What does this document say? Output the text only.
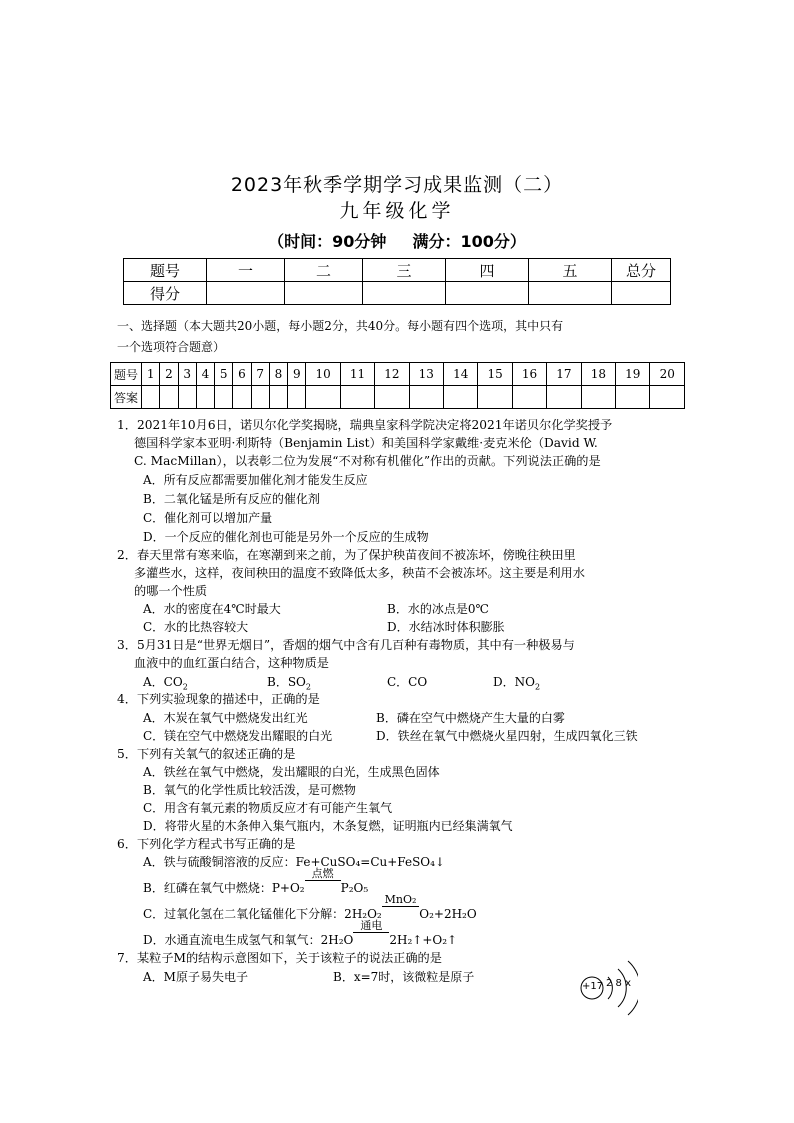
2023年秋季学期学习成果监测（二）
九年级化学
（时间：90分钟 满分：100分）
题号	一	二	三	四	五	总分
得分						
一、选择题（本大题共20小题，每小题2分，共40分。每小题有四个选项，其中只有
一个选项符合题意）
题号	1	2	3	4	5	6	7	8	9	10	11	12	13	14	15	16	17	18	19	20
答案																				
1．2021年10月6日，诺贝尔化学奖揭晓，瑞典皇家科学院决定将2021年诺贝尔化学奖授予
德国科学家本亚明·利斯特（Benjamin List）和美国科学家戴维·麦克米伦（David W.
C. MacMillan），以表彰二位为发展“不对称有机催化”作出的贡献。下列说法正确的是
A．所有反应都需要加催化剂才能发生反应
B．二氧化锰是所有反应的催化剂
C．催化剂可以增加产量
D．一个反应的催化剂也可能是另外一个反应的生成物
2．春天里常有寒来临，在寒潮到来之前，为了保护秧苗夜间不被冻坏，傍晚往秧田里
多灌些水，这样，夜间秧田的温度不致降低太多，秧苗不会被冻坏。这主要是利用水
的哪一个性质
A．水的密度在4℃时最大	B．水的冰点是0℃
C．水的比热容较大	D．水结冰时体积膨胀
3．5月31日是“世界无烟日”，香烟的烟气中含有几百种有毒物质，其中有一种极易与
血液中的血红蛋白结合，这种物质是
A．$CO_2$	B．$SO_2$	C．CO	D．$NO_2$
4．下列实验现象的描述中，正确的是
A．木炭在氧气中燃烧发出红光	B．磷在空气中燃烧产生大量的白雾
C．镁在空气中燃烧发出耀眼的白光	D．铁丝在氧气中燃烧火星四射，生成四氧化三铁
5．下列有关氧气的叙述正确的是
A．铁丝在氧气中燃烧，发出耀眼的白光，生成黑色固体
B．氧气的化学性质比较活泼，是可燃物
C．用含有氧元素的物质反应才有可能产生氧气
D．将带火星的木条伸入集气瓶内，木条复燃，证明瓶内已经集满氧气
6．下列化学方程式书写正确的是
A．铁与硫酸铜溶液的反应：Fe+CuSO₄=Cu+FeSO₄↓
B．红磷在氧气中燃烧：P+O₂
点燃
P₂O₅
C．过氧化氢在二氧化锰催化下分解：2H₂O₂
MnO₂
O₂+2H₂O
D．水通直流电生成氢气和氧气：2H₂O
通电
2H₂↑+O₂↑
7．某粒子M的结构示意图如下，关于该粒子的说法正确的是
A．M原子易失电子	B．x=7时，该微粒是原子
+17 2 8 x
